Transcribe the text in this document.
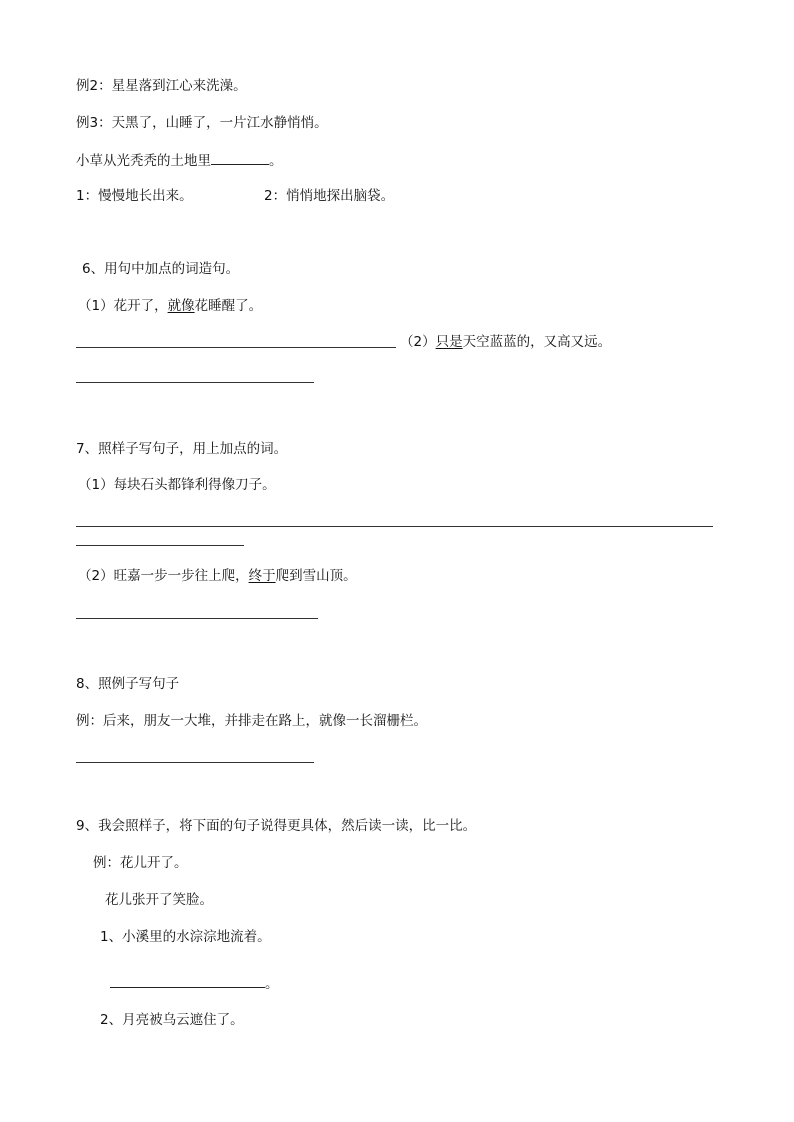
例2：星星落到江心来洗澡。
例3：天黑了，山睡了，一片江水静悄悄。
小草从光秃秃的土地里	。
1：慢慢地长出来。	2：悄悄地探出脑袋。
6、用句中加点的词造句。
（1）花开了，就像花睡醒了。
（2）只是天空蓝蓝的，又高又远。
7、照样子写句子，用上加点的词。
（1）每块石头都锋利得像刀子。
（2）旺嘉一步一步往上爬，终于爬到雪山顶。
8、照例子写句子
例：后来，朋友一大堆，并排走在路上，就像一长溜栅栏。
9、我会照样子，将下面的句子说得更具体，然后读一读，比一比。
例：花儿开了。
花儿张开了笑脸。
1、小溪里的水淙淙地流着。
。
2、月亮被乌云遮住了。
